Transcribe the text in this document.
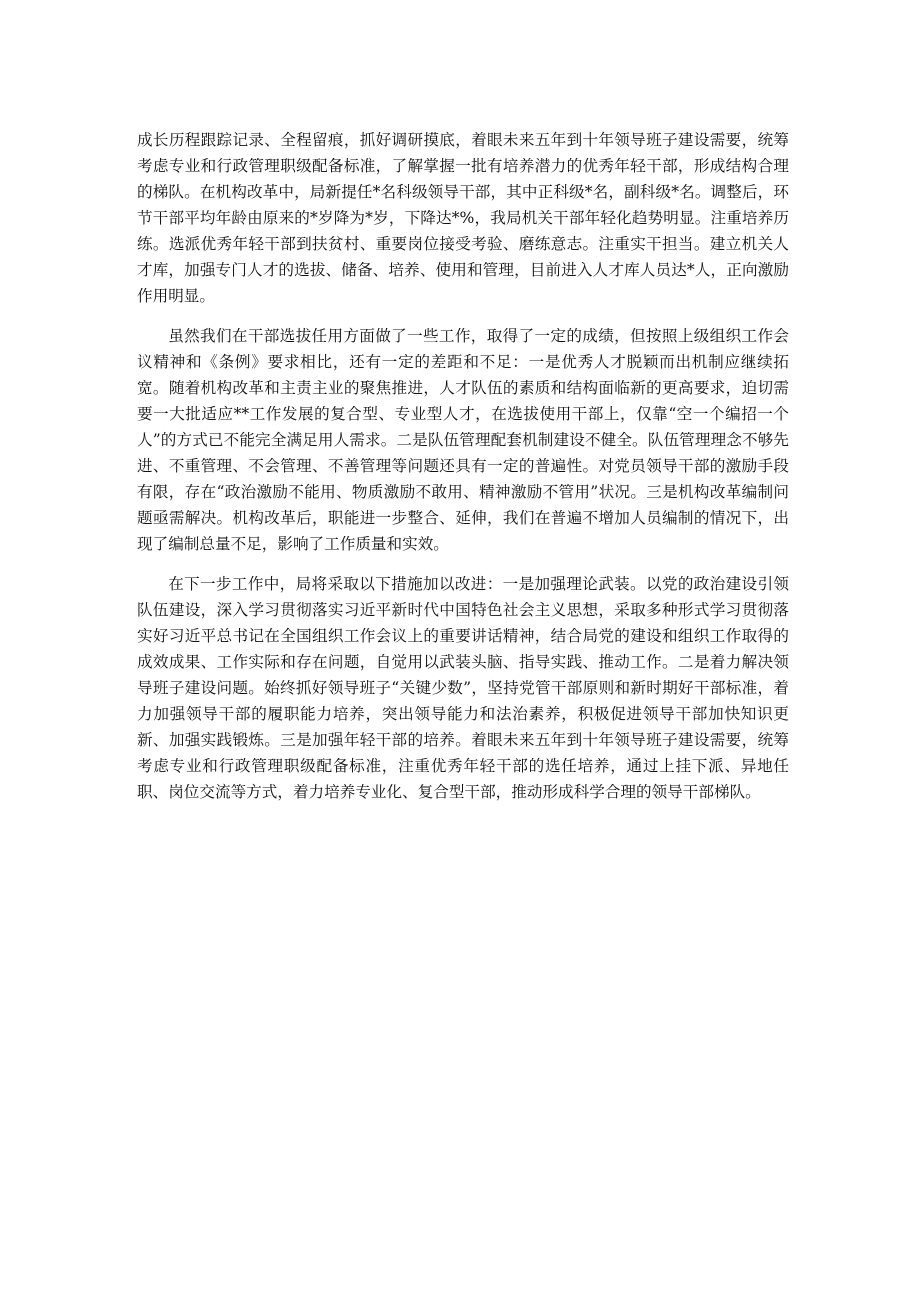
成长历程跟踪记录、全程留痕，抓好调研摸底，着眼未来五年到十年领导班子建设需要，统筹考虑专业和行政管理职级配备标准，了解掌握一批有培养潜力的优秀年轻干部，形成结构合理的梯队。在机构改革中，局新提任*名科级领导干部，其中正科级*名，副科级*名。调整后，环节干部平均年龄由原来的*岁降为*岁，下降达*%，我局机关干部年轻化趋势明显。注重培养历练。选派优秀年轻干部到扶贫村、重要岗位接受考验、磨练意志。注重实干担当。建立机关人才库，加强专门人才的选拔、储备、培养、使用和管理，目前进入人才库人员达*人，正向激励作用明显。

虽然我们在干部选拔任用方面做了一些工作，取得了一定的成绩，但按照上级组织工作会议精神和《条例》要求相比，还有一定的差距和不足：一是优秀人才脱颖而出机制应继续拓宽。随着机构改革和主责主业的聚焦推进，人才队伍的素质和结构面临新的更高要求，迫切需要一大批适应**工作发展的复合型、专业型人才，在选拔使用干部上，仅靠“空一个编招一个人”的方式已不能完全满足用人需求。二是队伍管理配套机制建设不健全。队伍管理理念不够先进、不重管理、不会管理、不善管理等问题还具有一定的普遍性。对党员领导干部的激励手段有限，存在“政治激励不能用、物质激励不敢用、精神激励不管用”状况。三是机构改革编制问题亟需解决。机构改革后，职能进一步整合、延伸，我们在普遍不增加人员编制的情况下，出现了编制总量不足，影响了工作质量和实效。

在下一步工作中，局将采取以下措施加以改进：一是加强理论武装。以党的政治建设引领队伍建设，深入学习贯彻落实习近平新时代中国特色社会主义思想，采取多种形式学习贯彻落实好习近平总书记在全国组织工作会议上的重要讲话精神，结合局党的建设和组织工作取得的成效成果、工作实际和存在问题，自觉用以武装头脑、指导实践、推动工作。二是着力解决领导班子建设问题。始终抓好领导班子“关键少数”，坚持党管干部原则和新时期好干部标准，着力加强领导干部的履职能力培养，突出领导能力和法治素养，积极促进领导干部加快知识更新、加强实践锻炼。三是加强年轻干部的培养。着眼未来五年到十年领导班子建设需要，统筹考虑专业和行政管理职级配备标准，注重优秀年轻干部的选任培养，通过上挂下派、异地任职、岗位交流等方式，着力培养专业化、复合型干部，推动形成科学合理的领导干部梯队。
